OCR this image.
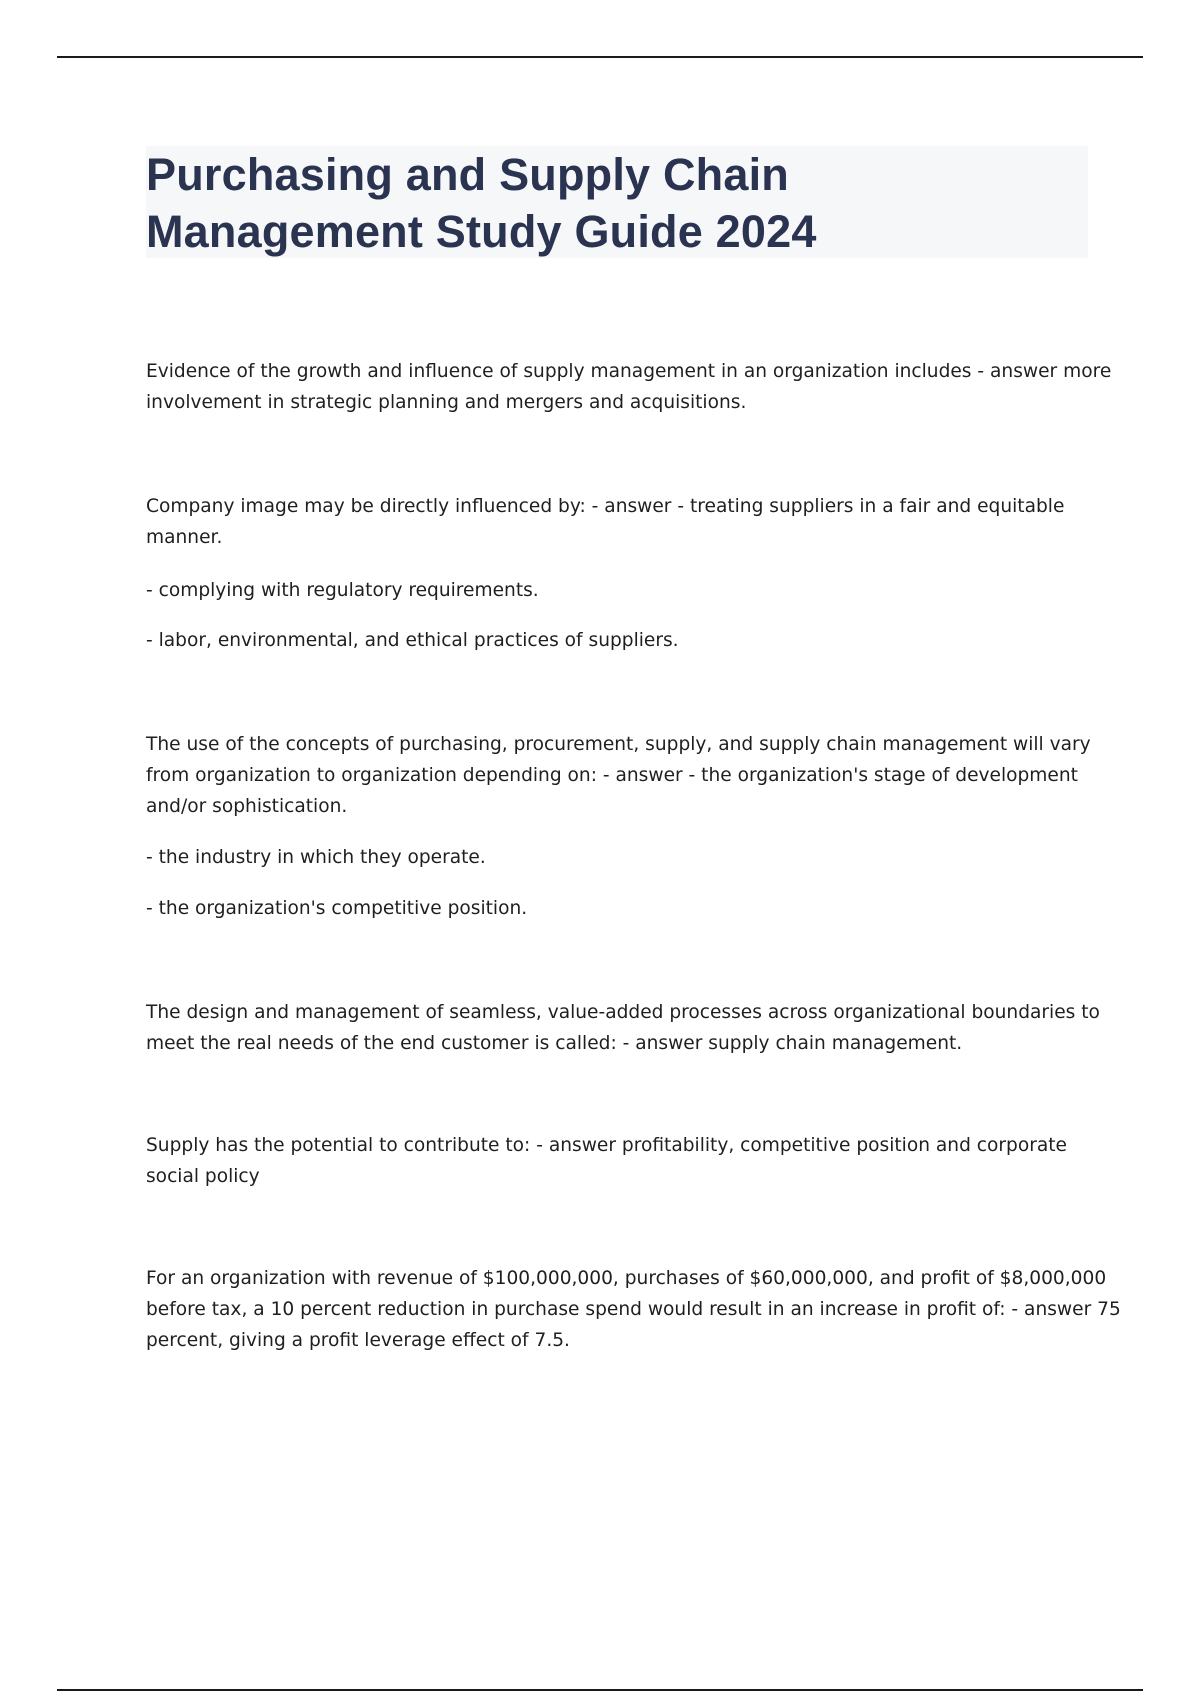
Purchasing and Supply Chain
Management Study Guide 2024

Evidence of the growth and influence of supply management in an organization includes - answer more
involvement in strategic planning and mergers and acquisitions.

Company image may be directly influenced by: - answer - treating suppliers in a fair and equitable
manner.

- complying with regulatory requirements.
- labor, environmental, and ethical practices of suppliers.

The use of the concepts of purchasing, procurement, supply, and supply chain management will vary
from organization to organization depending on: - answer - the organization's stage of development
and/or sophistication.

- the industry in which they operate.
- the organization's competitive position.

The design and management of seamless, value-added processes across organizational boundaries to
meet the real needs of the end customer is called: - answer supply chain management.

Supply has the potential to contribute to: - answer profitability, competitive position and corporate
social policy

For an organization with revenue of $100,000,000, purchases of $60,000,000, and profit of $8,000,000
before tax, a 10 percent reduction in purchase spend would result in an increase in profit of: - answer 75
percent, giving a profit leverage effect of 7.5.
